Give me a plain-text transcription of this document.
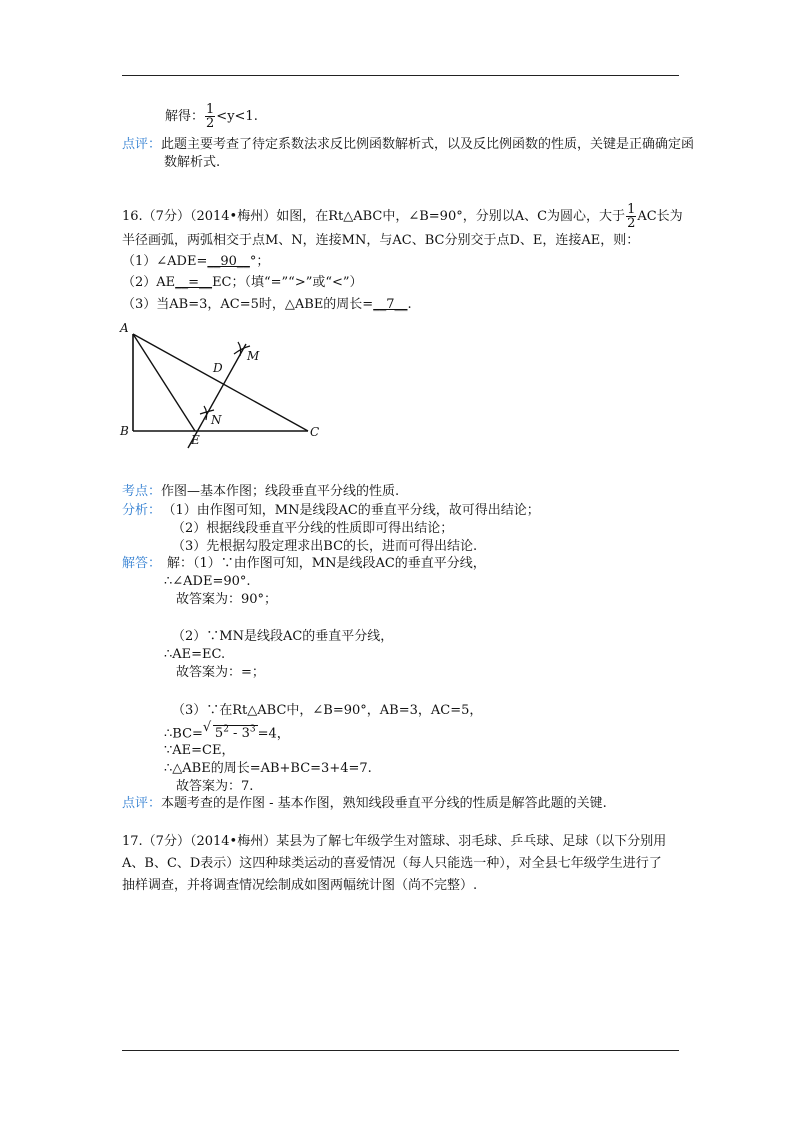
解得： $\frac{1}{2} <y<1$.
点评：此题主要考查了待定系数法求反比例函数解析式，以及反比例函数的性质，关键是正确确定函
数解析式.
16.（7分）（2014•梅州）如图，在Rt△ABC中，∠B=90°，分别以A、C为圆心，大于 $\frac{1}{2}$ AC长为
半径画弧，两弧相交于点M、N，连接MN，与AC、BC分别交于点D、E，连接AE，则：
（1）∠ADE=__90__°；
（2）AE__=__EC；（填“=”“>”或“<”）
（3）当AB=3，AC=5时，△ABE的周长=__7__.
A
B	C
D
E
M
N
考点：作图—基本作图；线段垂直平分线的性质.
分析： （1）由作图可知，MN是线段AC的垂直平分线，故可得出结论；
（2）根据线段垂直平分线的性质即可得出结论；
（3）先根据勾股定理求出BC的长，进而可得出结论.
解答： 解：（1）∵由作图可知，MN是线段AC的垂直平分线，
∴∠ADE=90°.
故答案为：90°；
（2）∵MN是线段AC的垂直平分线，
∴AE=EC.
故答案为：=；
（3）∵在Rt△ABC中，∠B=90°，AB=3，AC=5，
∴BC= √ $5^2 - 3^3 =4$，
∵AE=CE，
∴△ABE的周长=AB+BC=3+4=7.
故答案为：7.
点评：本题考查的是作图 - 基本作图，熟知线段垂直平分线的性质是解答此题的关键.
17.（7分）（2014•梅州）某县为了解七年级学生对篮球、羽毛球、乒乓球、足球（以下分别用
A、B、C、D表示）这四种球类运动的喜爱情况（每人只能选一种），对全县七年级学生进行了
抽样调查，并将调查情况绘制成如图两幅统计图（尚不完整）.
